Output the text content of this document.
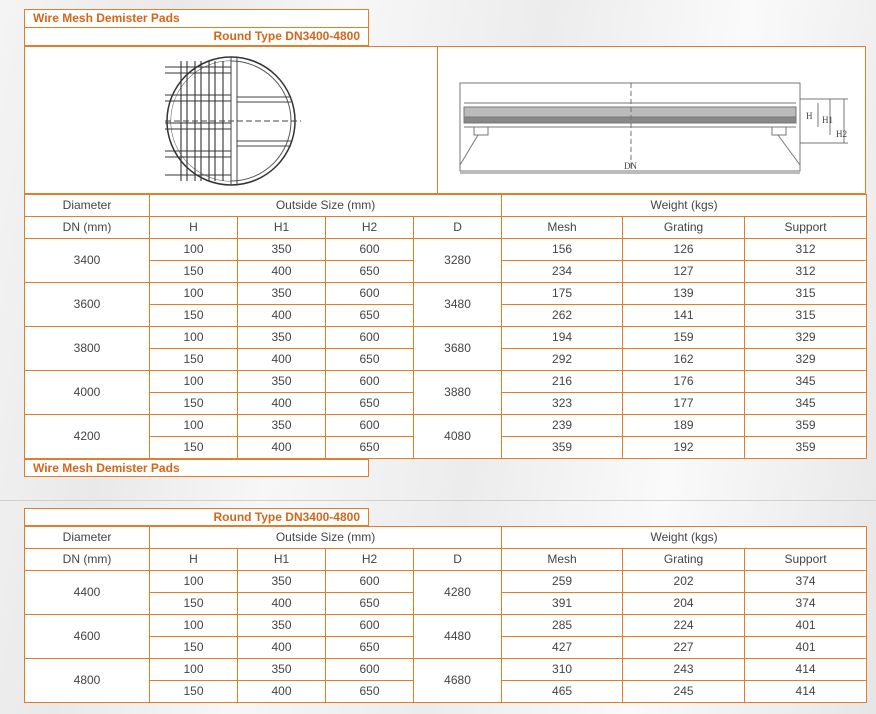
Wire Mesh Demister Pads
Round Type DN3400-4800
H H1
H2
DN
Diameter	Outside Size (mm)				Weight (kgs)		
DN (mm)	H	H1	H2	D	Mesh	Grating	Support
3400	100	350	600	3280	156	126	312
	150	400	650		234	127	312
3600	100	350	600	3480	175	139	315
	150	400	650		262	141	315
3800	100	350	600	3680	194	159	329
	150	400	650		292	162	329
4000	100	350	600	3880	216	176	345
	150	400	650		323	177	345
4200	100	350	600	4080	239	189	359
	150	400	650		359	192	359
Wire Mesh Demister Pads
Round Type DN3400-4800
Diameter	Outside Size (mm)				Weight (kgs)		
DN (mm)	H	H1	H2	D	Mesh	Grating	Support
4400	100	350	600	4280	259	202	374
	150	400	650		391	204	374
4600	100	350	600	4480	285	224	401
	150	400	650		427	227	401
4800	100	350	600	4680	310	243	414
	150	400	650		465	245	414
